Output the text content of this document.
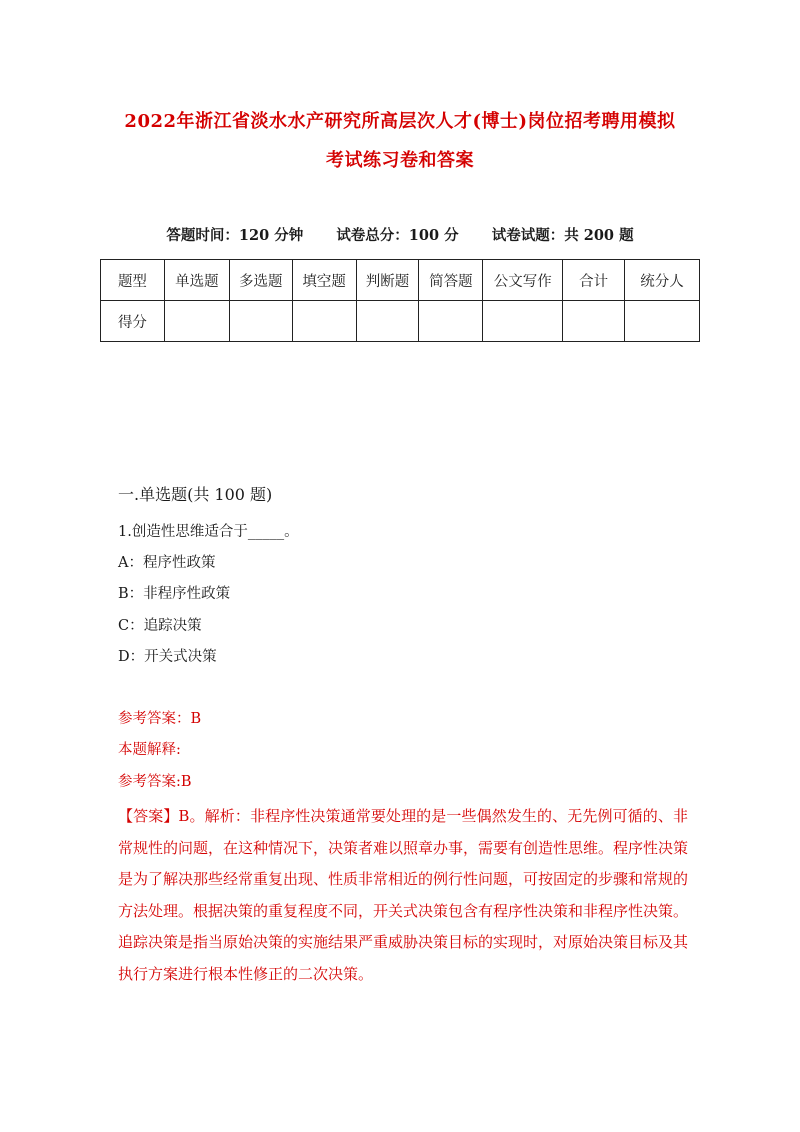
2022年浙江省淡水水产研究所高层次人才(博士)岗位招考聘用模拟
考试练习卷和答案
答题时间：120 分钟 试卷总分：100 分 试卷试题：共 200 题
题型	单选题	多选题	填空题	判断题	简答题	公文写作	合计	统分人
得分								
一.单选题(共 100 题)
1.创造性思维适合于_____。
A：程序性政策
B：非程序性政策
C：追踪决策
D：开关式决策
参考答案：B
本题解释:
参考答案:B
【答案】B。解析：非程序性决策通常要处理的是一些偶然发生的、无先例可循的、非常规性的问题，在这种情况下，决策者难以照章办事，需要有创造性思维。程序性决策是为了解决那些经常重复出现、性质非常相近的例行性问题，可按固定的步骤和常规的方法处理。根据决策的重复程度不同，开关式决策包含有程序性决策和非程序性决策。追踪决策是指当原始决策的实施结果严重威胁决策目标的实现时，对原始决策目标及其执行方案进行根本性修正的二次决策。
